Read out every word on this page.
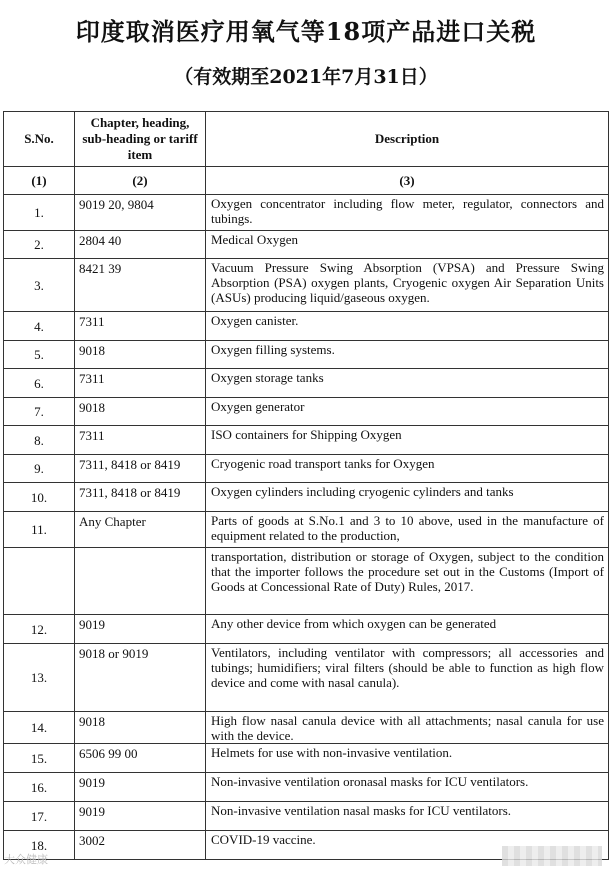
印度取消医疗用氧气等18项产品进口关税
（有效期至2021年7月31日）
S.No.	Chapter, heading, sub-heading or tariff item	Description
(1)	(2)	(3)
1.	9019 20, 9804	Oxygen concentrator including flow meter, regulator, connectors and tubings.
2.	2804 40	Medical Oxygen
3.	8421 39	Vacuum Pressure Swing Absorption (VPSA) and Pressure Swing Absorption (PSA) oxygen plants, Cryogenic oxygen Air Separation Units (ASUs) producing liquid/gaseous oxygen.
4.	7311	Oxygen canister.
5.	9018	Oxygen filling systems.
6.	7311	Oxygen storage tanks
7.	9018	Oxygen generator
8.	7311	ISO containers for Shipping Oxygen
9.	7311, 8418 or 8419	Cryogenic road transport tanks for Oxygen
10.	7311, 8418 or 8419	Oxygen cylinders including cryogenic cylinders and tanks
11.	Any Chapter	Parts of goods at S.No.1 and 3 to 10 above, used in the manufacture of equipment related to the production,
		transportation, distribution or storage of Oxygen, subject to the condition that the importer follows the procedure set out in the Customs (Import of Goods at Concessional Rate of Duty) Rules, 2017.
12.	9019	Any other device from which oxygen can be generated
13.	9018 or 9019	Ventilators, including ventilator with compressors; all accessories and tubings; humidifiers; viral filters (should be able to function as high flow device and come with nasal canula).
14.	9018	High flow nasal canula device with all attachments; nasal canula for use with the device.
15.	6506 99 00	Helmets for use with non-invasive ventilation.
16.	9019	Non-invasive ventilation oronasal masks for ICU ventilators.
17.	9019	Non-invasive ventilation nasal masks for ICU ventilators.
18.	3002	COVID-19 vaccine.
大众健康
